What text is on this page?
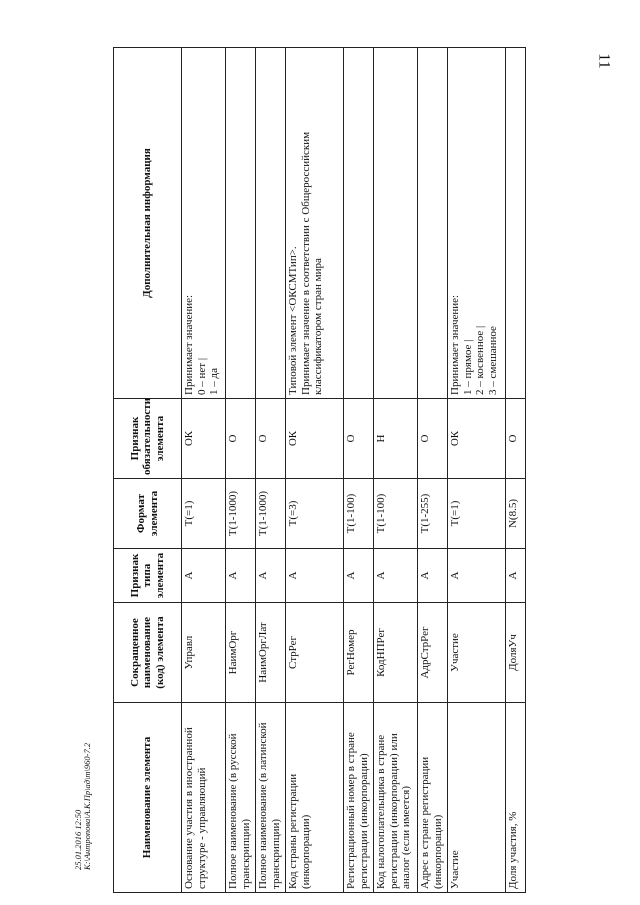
11
25.01.2016 12:50 К:\Антропова\А.К.Пр\ад\т\960-7.2	Наименование элемента	Сокращенное наименование (код) элемента	Признак типа элемента	Формат элемента	Признак обязательности элемента	Дополнительная информация
Основание участия в иностранной структуре - управляющий	Управл	А	T(=1)	ОК	Принимает значение:
0 – нет |
1 – да
Полное наименование (в русской транскрипции)	НаимОрг	А	T(1-1000)	О	
Полное наименование (в латинской транскрипции)	НаимОргЛат	А	T(1-1000)	О	
Код страны регистрации (инкорпорации)	СтрРег	А	T(=3)	ОК	Типовой элемент <ОКСМТип>.
Принимает значение в соответствии с Общероссийским классификатором стран мира
Регистрационный номер в стране регистрации (инкорпорации)	РегНомер	А	T(1-100)	О	
Код налогоплательщика в стране регистрации (инкорпорации) или аналог (если имеется)	КодНПРег	А	T(1-100)	Н	
Адрес в стране регистрации (инкорпорации)	АдрСтрРег	А	T(1-255)	О	
Участие	Участие	А	T(=1)	ОК	Принимает значение:
1 – прямое |
2 – косвенное |
3 – смешанное
Доля участия, %	ДоляУч	А	N(8.5)	О	
